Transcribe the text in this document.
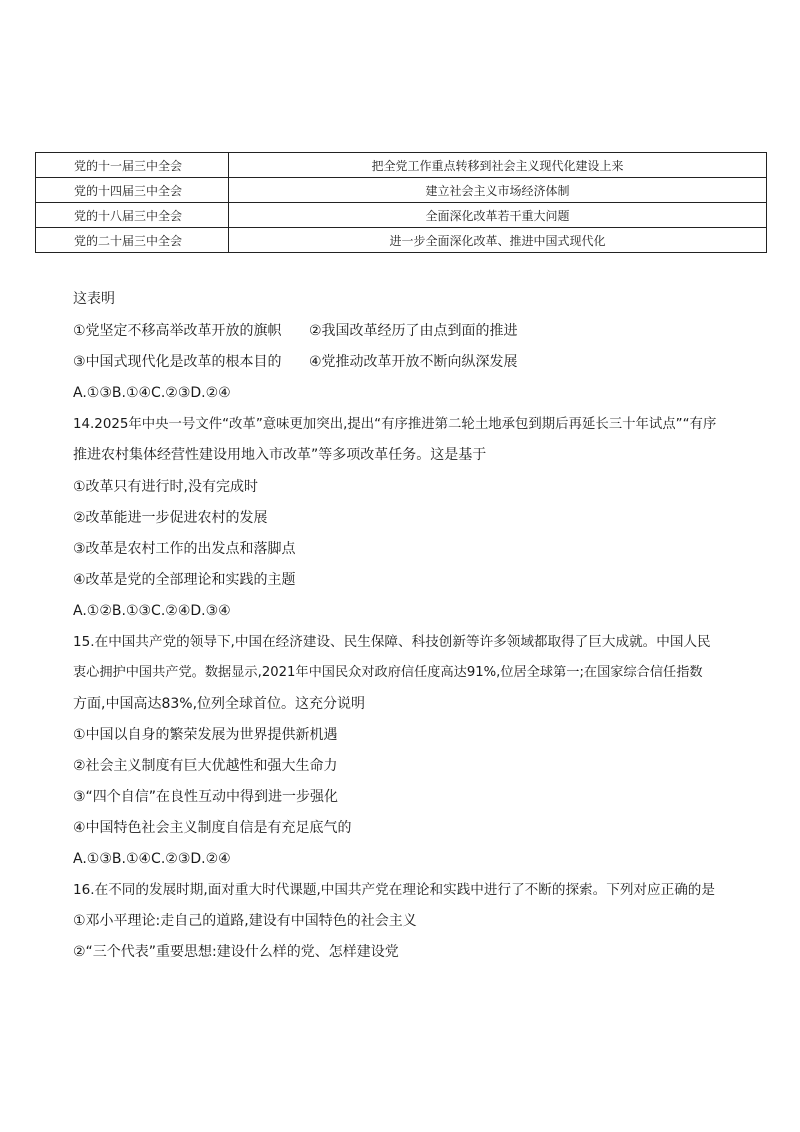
党的十一届三中全会	把全党工作重点转移到社会主义现代化建设上来
党的十四届三中全会	建立社会主义市场经济体制
党的十八届三中全会	全面深化改革若干重大问题
党的二十届三中全会	进一步全面深化改革、推进中国式现代化
这表明
①党坚定不移高举改革开放的旗帜 ②我国改革经历了由点到面的推进
③中国式现代化是改革的根本目的 ④党推动改革开放不断向纵深发展
A.①③B.①④C.②③D.②④
14.2025年中央一号文件“改革”意味更加突出,提出“有序推进第二轮土地承包到期后再延长三十年试点”“有序
推进农村集体经营性建设用地入市改革”等多项改革任务。这是基于
①改革只有进行时,没有完成时
②改革能进一步促进农村的发展
③改革是农村工作的出发点和落脚点
④改革是党的全部理论和实践的主题
A.①②B.①③C.②④D.③④
15.在中国共产党的领导下,中国在经济建设、民生保障、科技创新等许多领域都取得了巨大成就。中国人民
衷心拥护中国共产党。数据显示,2021年中国民众对政府信任度高达91%,位居全球第一;在国家综合信任指数
方面,中国高达83%,位列全球首位。这充分说明
①中国以自身的繁荣发展为世界提供新机遇
②社会主义制度有巨大优越性和强大生命力
③“四个自信”在良性互动中得到进一步强化
④中国特色社会主义制度自信是有充足底气的
A.①③B.①④C.②③D.②④
16.在不同的发展时期,面对重大时代课题,中国共产党在理论和实践中进行了不断的探索。下列对应正确的是
①邓小平理论:走自己的道路,建设有中国特色的社会主义
②“三个代表”重要思想:建设什么样的党、怎样建设党
